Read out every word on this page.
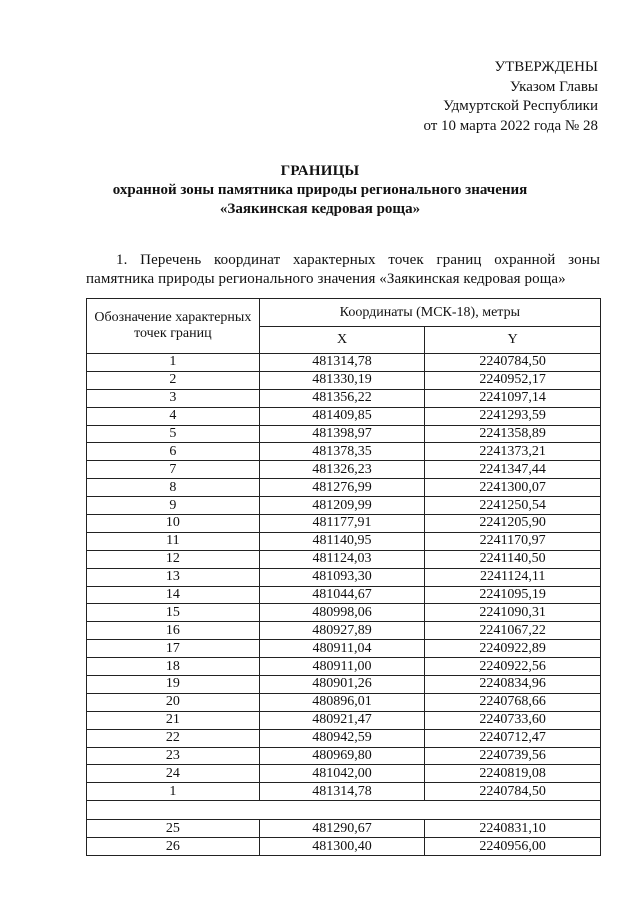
УТВЕРЖДЕНЫ
Указом Главы
Удмуртской Республики
от 10 марта 2022 года № 28
ГРАНИЦЫ
охранной зоны памятника природы регионального значения
«Заякинская кедровая роща»
1. Перечень координат характерных точек границ охранной зоны памятника природы регионального значения «Заякинская кедровая роща»
Обозначение характерных точек границ	Координаты (МСК-18), метры	
	X	Y
1	481314,78	2240784,50
2	481330,19	2240952,17
3	481356,22	2241097,14
4	481409,85	2241293,59
5	481398,97	2241358,89
6	481378,35	2241373,21
7	481326,23	2241347,44
8	481276,99	2241300,07
9	481209,99	2241250,54
10	481177,91	2241205,90
11	481140,95	2241170,97
12	481124,03	2241140,50
13	481093,30	2241124,11
14	481044,67	2241095,19
15	480998,06	2241090,31
16	480927,89	2241067,22
17	480911,04	2240922,89
18	480911,00	2240922,56
19	480901,26	2240834,96
20	480896,01	2240768,66
21	480921,47	2240733,60
22	480942,59	2240712,47
23	480969,80	2240739,56
24	481042,00	2240819,08
1	481314,78	2240784,50

25	481290,67	2240831,10
26	481300,40	2240956,00
